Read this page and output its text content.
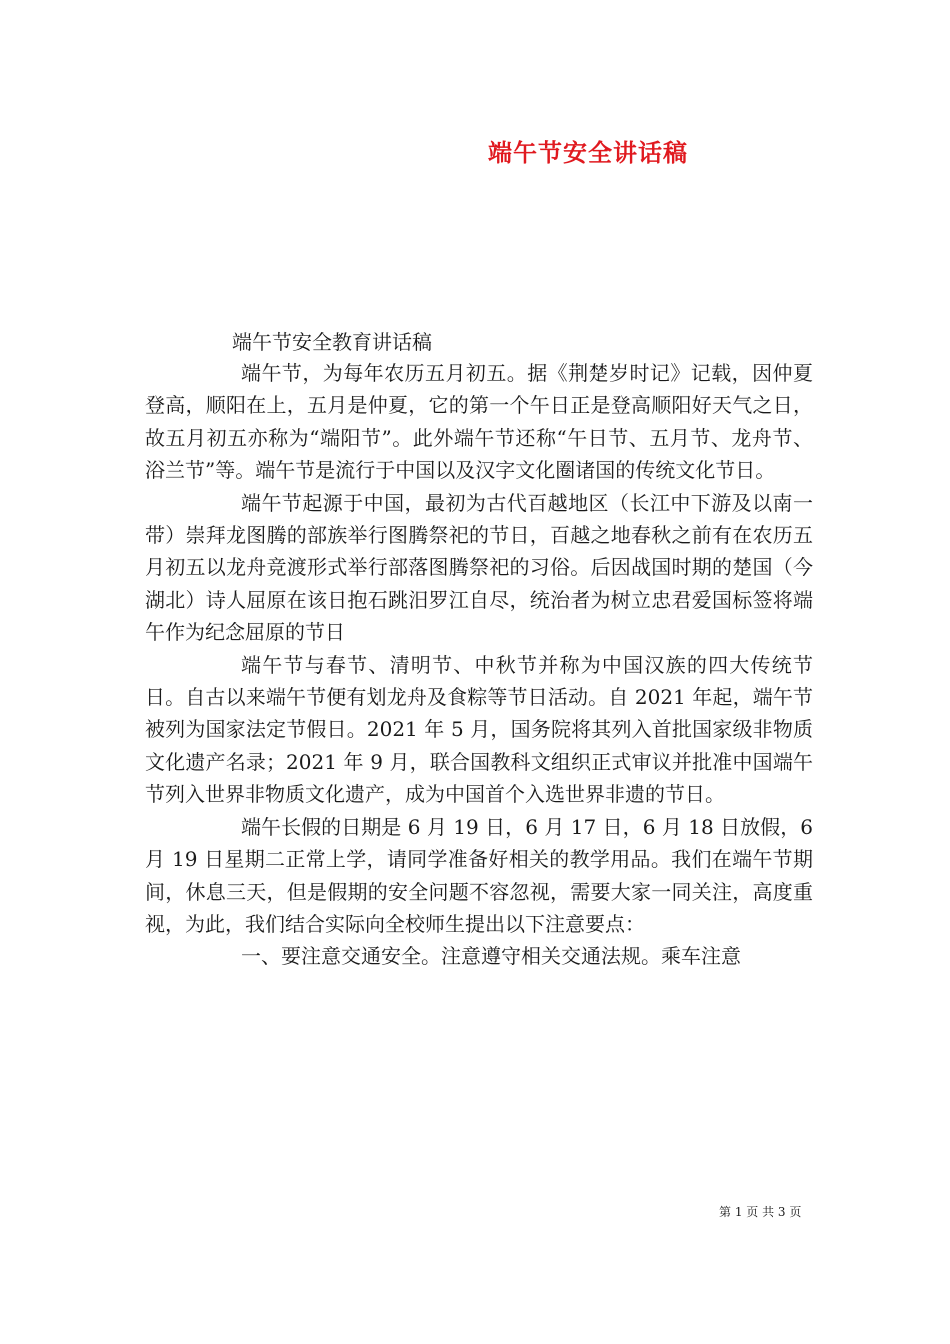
端午节安全讲话稿
端午节安全教育讲话稿

端午节，为每年农历五月初五。据《荆楚岁时记》记载，因仲夏登高，顺阳在上，五月是仲夏，它的第一个午日正是登高顺阳好天气之日，故五月初五亦称为“端阳节”。此外端午节还称“午日节、五月节、龙舟节、浴兰节”等。端午节是流行于中国以及汉字文化圈诸国的传统文化节日。

端午节起源于中国，最初为古代百越地区（长江中下游及以南一带）崇拜龙图腾的部族举行图腾祭祀的节日，百越之地春秋之前有在农历五月初五以龙舟竞渡形式举行部落图腾祭祀的习俗。后因战国时期的楚国（今湖北）诗人屈原在该日抱石跳汨罗江自尽，统治者为树立忠君爱国标签将端午作为纪念屈原的节日

端午节与春节、清明节、中秋节并称为中国汉族的四大传统节日。自古以来端午节便有划龙舟及食粽等节日活动。自 2021 年起，端午节被列为国家法定节假日。2021 年 5 月，国务院将其列入首批国家级非物质文化遗产名录；2021 年 9 月，联合国教科文组织正式审议并批准中国端午节列入世界非物质文化遗产，成为中国首个入选世界非遗的节日。

端午长假的日期是 6 月 19 日，6 月 17 日，6 月 18 日放假，6 月 19 日星期二正常上学，请同学准备好相关的教学用品。我们在端午节期间，休息三天，但是假期的安全问题不容忽视，需要大家一同关注，高度重视，为此，我们结合实际向全校师生提出以下注意要点：

一、要注意交通安全。注意遵守相关交通法规。乘车注意

第 1 页 共 3 页
